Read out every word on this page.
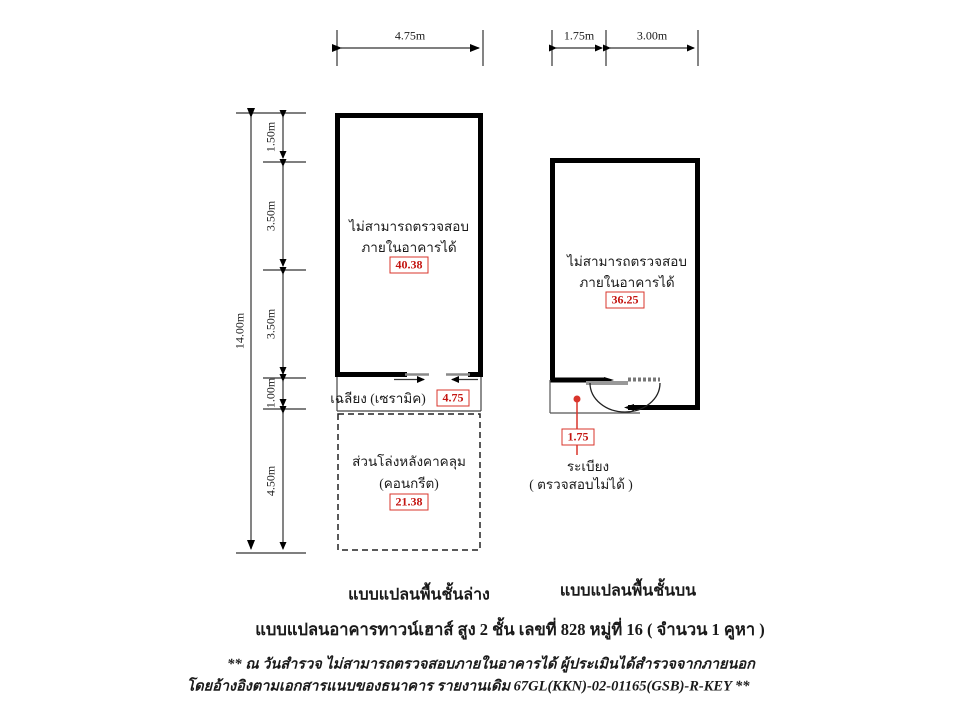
4.75m	1.75m	3.00m
14.00m
1.50m
3.50m
3.50m
1.00m
4.50m
ไม่สามารถตรวจสอบ
ภายในอาคารได้
40.38
เฉลียง (เซรามิค)	4.75
ส่วนโล่งหลังคาคลุม
(คอนกรีต)
21.38
ไม่สามารถตรวจสอบ
ภายในอาคารได้
36.25
1.75
ระเบียง
( ตรวจสอบไม่ได้ )
แบบแปลนพื้นชั้นล่าง	แบบแปลนพื้นชั้นบน
แบบแปลนอาคารทาวน์เฮาส์ สูง 2 ชั้น เลขที่ 828 หมู่ที่ 16 ( จำนวน 1 คูหา )
** ณ วันสำรวจ ไม่สามารถตรวจสอบภายในอาคารได้ ผู้ประเมินได้สำรวจจากภายนอก
โดยอ้างอิงตามเอกสารแนบของธนาคาร รายงานเดิม 67GL(KKN)-02-01165(GSB)-R-KEY **
